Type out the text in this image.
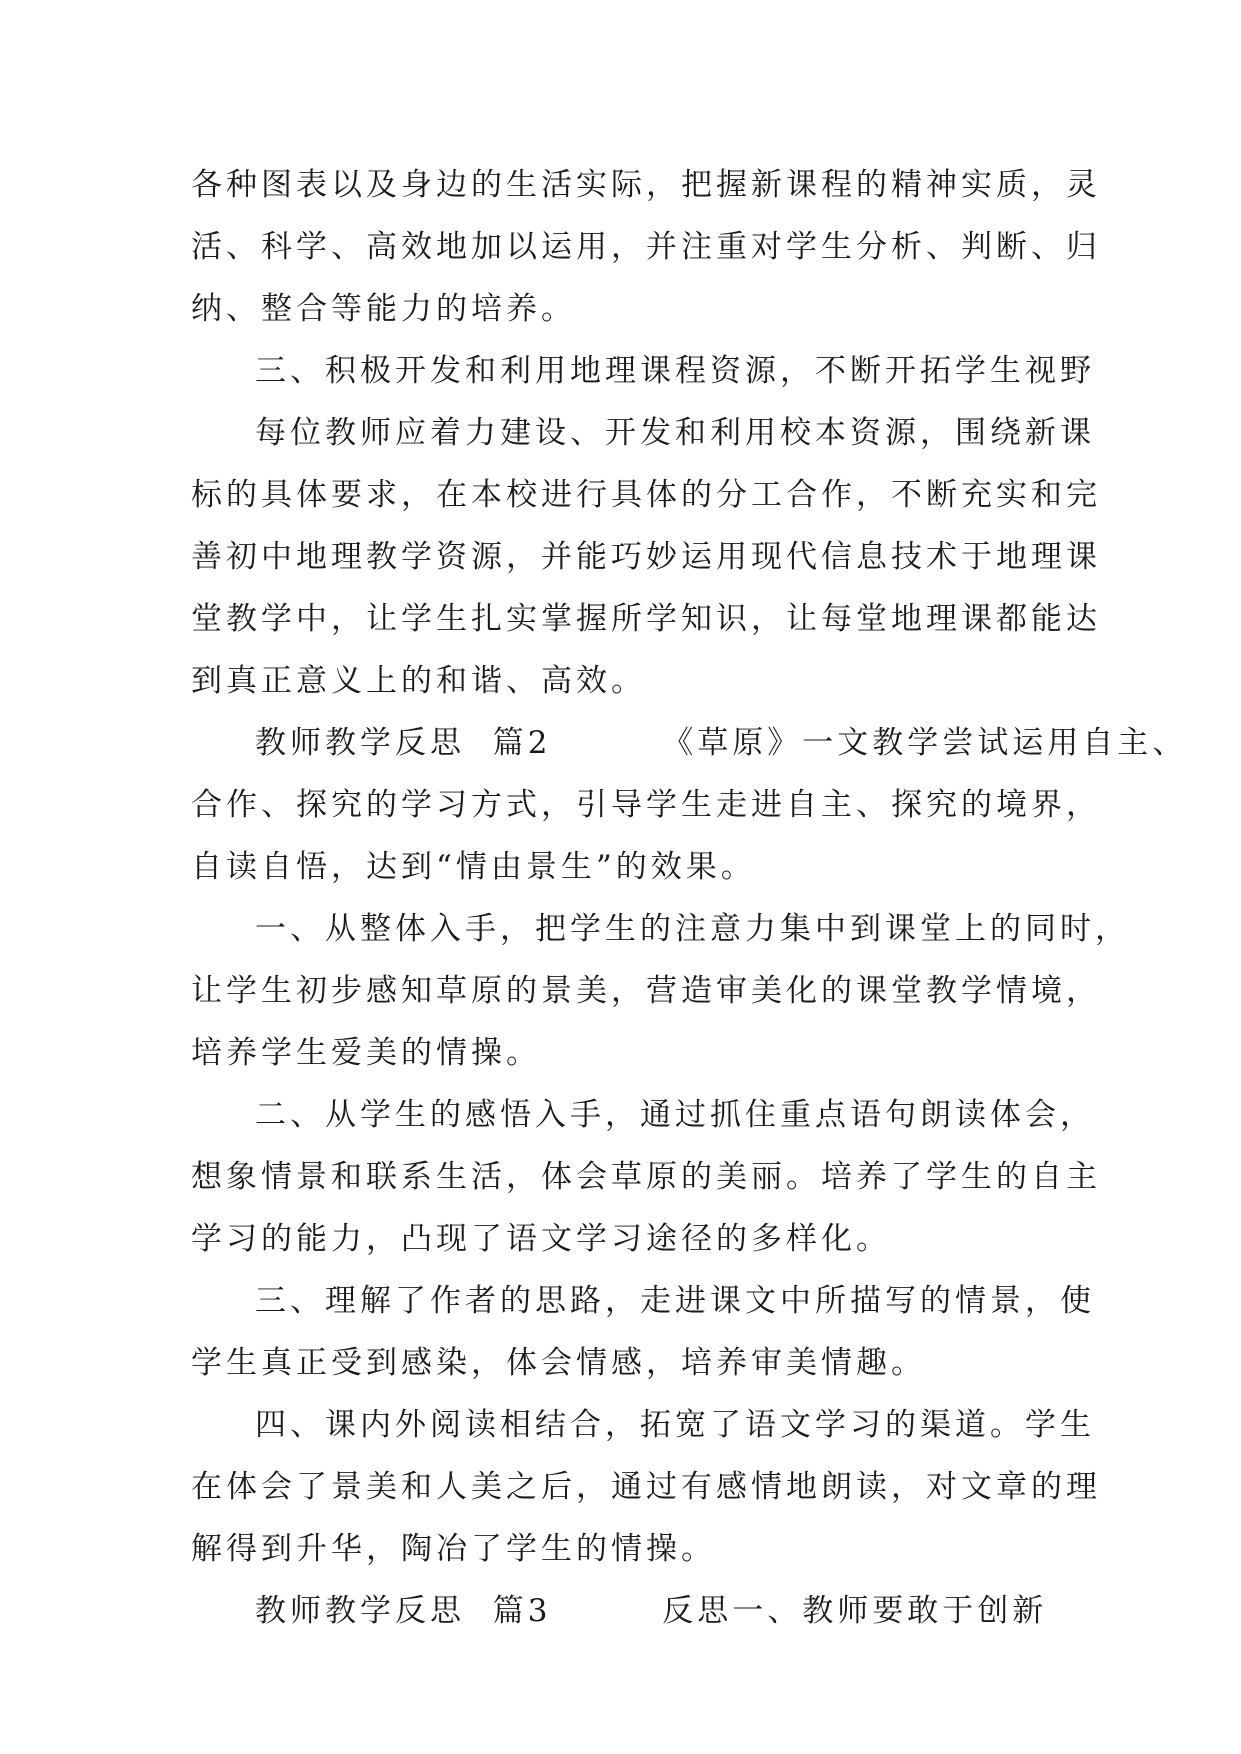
各种图表以及身边的生活实际，把握新课程的精神实质，灵
活、科学、高效地加以运用，并注重对学生分析、判断、归
纳、整合等能力的培养。
三、积极开发和利用地理课程资源，不断开拓学生视野
每位教师应着力建设、开发和利用校本资源，围绕新课
标的具体要求，在本校进行具体的分工合作，不断充实和完
善初中地理教学资源，并能巧妙运用现代信息技术于地理课
堂教学中，让学生扎实掌握所学知识，让每堂地理课都能达
到真正意义上的和谐、高效。
教师教学反思  篇2        《草原》一文教学尝试运用自主、
合作、探究的学习方式，引导学生走进自主、探究的境界，
自读自悟，达到“情由景生”的效果。
一、从整体入手，把学生的注意力集中到课堂上的同时，
让学生初步感知草原的景美，营造审美化的课堂教学情境，
培养学生爱美的情操。
二、从学生的感悟入手，通过抓住重点语句朗读体会，
想象情景和联系生活，体会草原的美丽。培养了学生的自主
学习的能力，凸现了语文学习途径的多样化。
三、理解了作者的思路，走进课文中所描写的情景，使
学生真正受到感染，体会情感，培养审美情趣。
四、课内外阅读相结合，拓宽了语文学习的渠道。学生
在体会了景美和人美之后，通过有感情地朗读，对文章的理
解得到升华，陶冶了学生的情操。
教师教学反思  篇3        反思一、教师要敢于创新
